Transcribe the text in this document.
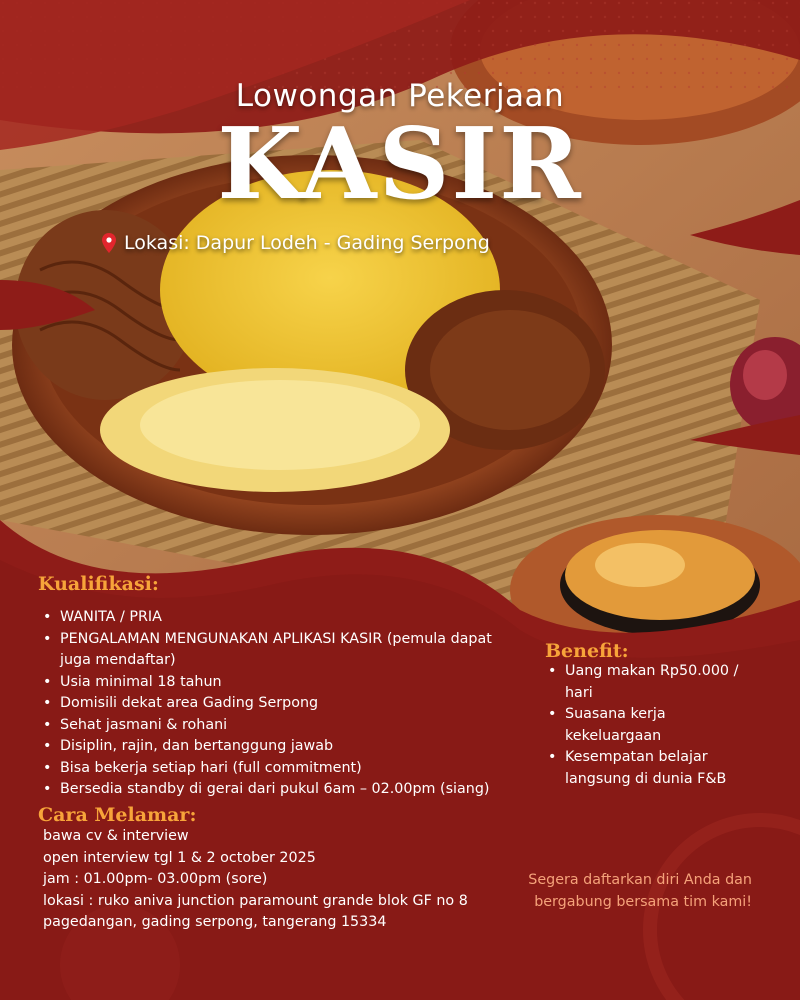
Lowongan Pekerjaan

KASIR
Lokasi: Dapur Lodeh - Gading Serpong
Kualifikasi:
• WANITA / PRIA
• PENGALAMAN MENGUNAKAN APLIKASI KASIR (pemula dapat juga mendaftar)
• Usia minimal 18 tahun
• Domisili dekat area Gading Serpong
• Sehat jasmani & rohani
• Disiplin, rajin, dan bertanggung jawab
• Bisa bekerja setiap hari (full commitment)
• Bersedia standby di gerai dari pukul 6am – 02.00pm (siang)
Benefit:
• Uang makan Rp50.000 / hari
• Suasana kerja kekeluargaan
• Kesempatan belajar langsung di dunia F&B
Cara Melamar:
bawa cv & interview
open interview tgl 1 & 2 october 2025
jam : 01.00pm- 03.00pm (sore)
lokasi : ruko aniva junction paramount grande blok GF no 8
pagedangan, gading serpong, tangerang 15334
Segera daftarkan diri Anda dan bergabung bersama tim kami!
